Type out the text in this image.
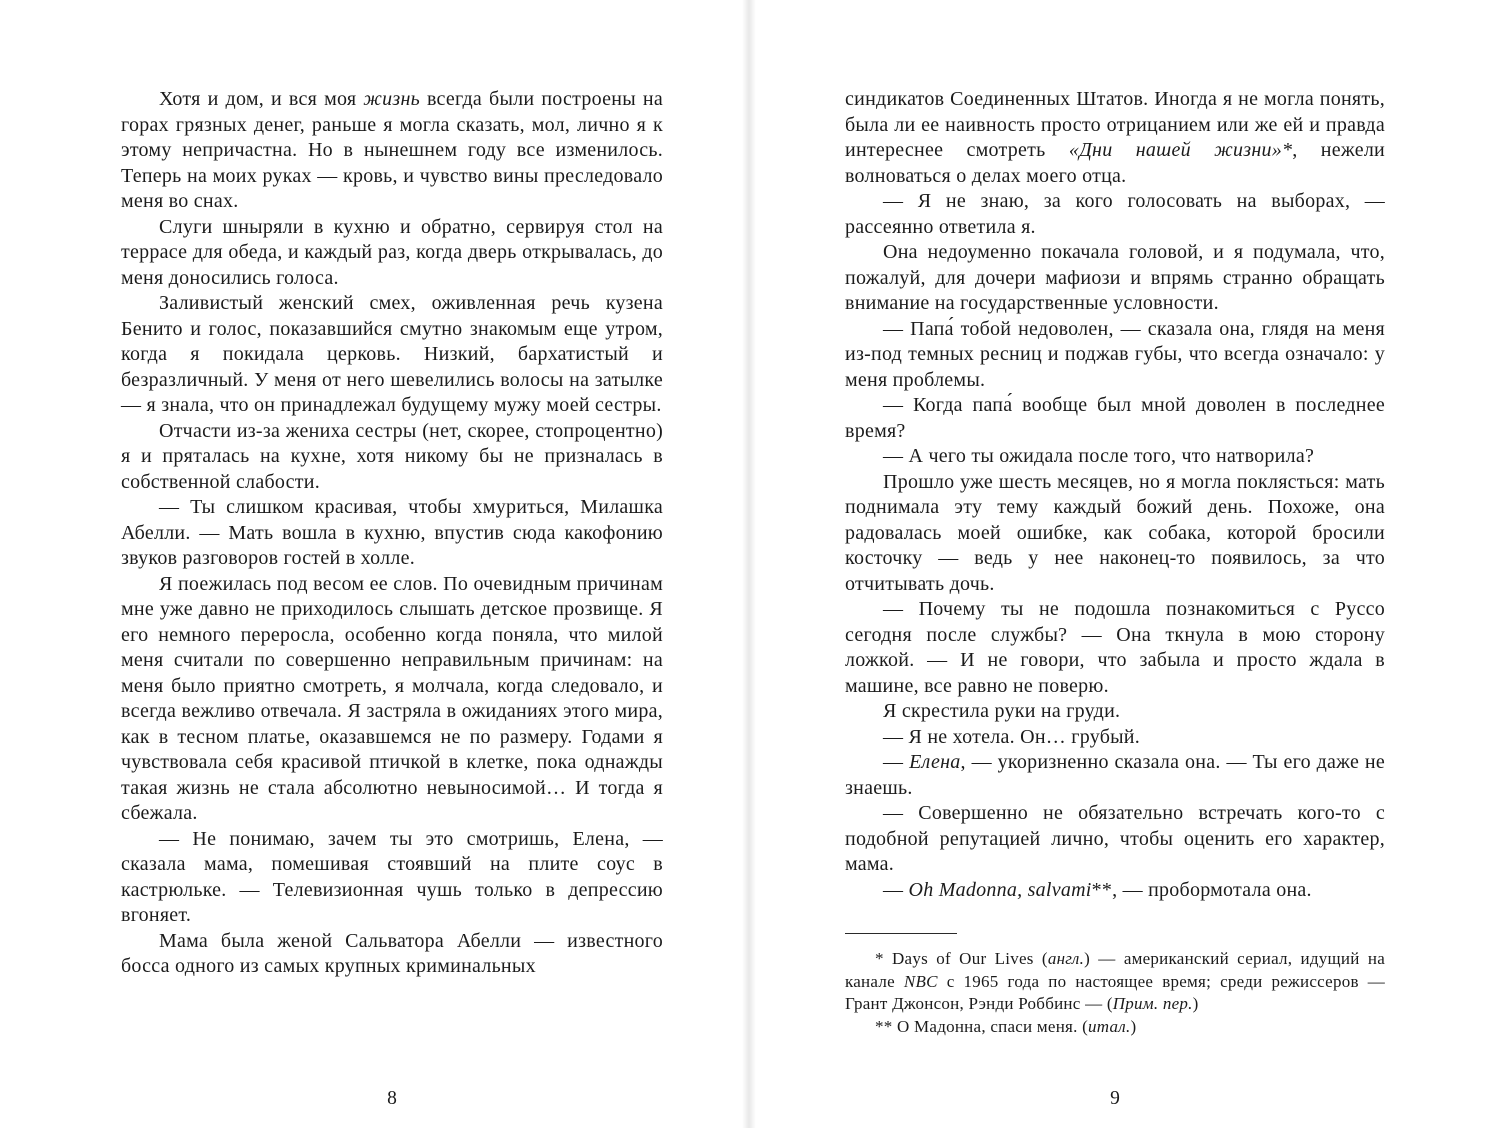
Хотя и дом, и вся моя жизнь всегда были построены на горах грязных денег, раньше я могла сказать, мол, лично я к этому непричастна. Но в нынешнем году все изменилось. Теперь на моих руках — кровь, и чувство вины преследовало меня во снах.

Слуги шныряли в кухню и обратно, сервируя стол на террасе для обеда, и каждый раз, когда дверь открывалась, до меня доносились голоса.

Заливистый женский смех, оживленная речь кузена Бенито и голос, показавшийся смутно знакомым еще утром, когда я покидала церковь. Низкий, бархатистый и безразличный. У меня от него шевелились волосы на затылке — я знала, что он принадлежал будущему мужу моей сестры.

Отчасти из-за жениха сестры (нет, скорее, стопроцентно) я и пряталась на кухне, хотя никому бы не призналась в собственной слабости.

— Ты слишком красивая, чтобы хмуриться, Милашка Абелли. — Мать вошла в кухню, впустив сюда какофонию звуков разговоров гостей в холле.

Я поежилась под весом ее слов. По очевидным причинам мне уже давно не приходилось слышать детское прозвище. Я его немного переросла, особенно когда поняла, что милой меня считали по совершенно неправильным причинам: на меня было приятно смотреть, я молчала, когда следовало, и всегда вежливо отвечала. Я застряла в ожиданиях этого мира, как в тесном платье, оказавшемся не по размеру. Годами я чувствовала себя красивой птичкой в клетке, пока однажды такая жизнь не стала абсолютно невыносимой… И тогда я сбежала.

— Не понимаю, зачем ты это смотришь, Елена, — сказала мама, помешивая стоявший на плите соус в кастрюльке. — Телевизионная чушь только в депрессию вгоняет.

Мама была женой Сальватора Абелли — известного босса одного из самых крупных криминальных

8

синдикатов Соединенных Штатов. Иногда я не могла понять, была ли ее наивность просто отрицанием или же ей и правда интереснее смотреть «Дни нашей жизни»*, нежели волноваться о делах моего отца.

— Я не знаю, за кого голосовать на выборах, — рассеянно ответила я.

Она недоуменно покачала головой, и я подумала, что, пожалуй, для дочери мафиози и впрямь странно обращать внимание на государственные условности.

— Папа́ тобой недоволен, — сказала она, глядя на меня из-под темных ресниц и поджав губы, что всегда означало: у меня проблемы.

— Когда папа́ вообще был мной доволен в последнее время?

— А чего ты ожидала после того, что натворила?

Прошло уже шесть месяцев, но я могла поклясться: мать поднимала эту тему каждый божий день. Похоже, она радовалась моей ошибке, как собака, которой бросили косточку — ведь у нее наконец-то появилось, за что отчитывать дочь.

— Почему ты не подошла познакомиться с Руссо сегодня после службы? — Она ткнула в мою сторону ложкой. — И не говори, что забыла и просто ждала в машине, все равно не поверю.

Я скрестила руки на груди.

— Я не хотела. Он… грубый.

— Елена, — укоризненно сказала она. — Ты его даже не знаешь.

— Совершенно не обязательно встречать кого-то с подобной репутацией лично, чтобы оценить его характер, мама.

— Oh Madonna, salvami**, — пробормотала она.

* Days of Our Lives (англ.) — американский сериал, идущий на канале NBC с 1965 года по настоящее время; среди режиссеров — Грант Джонсон, Рэнди Роббинс — (Прим. пер.)

** О Мадонна, спаси меня. (итал.)

9
